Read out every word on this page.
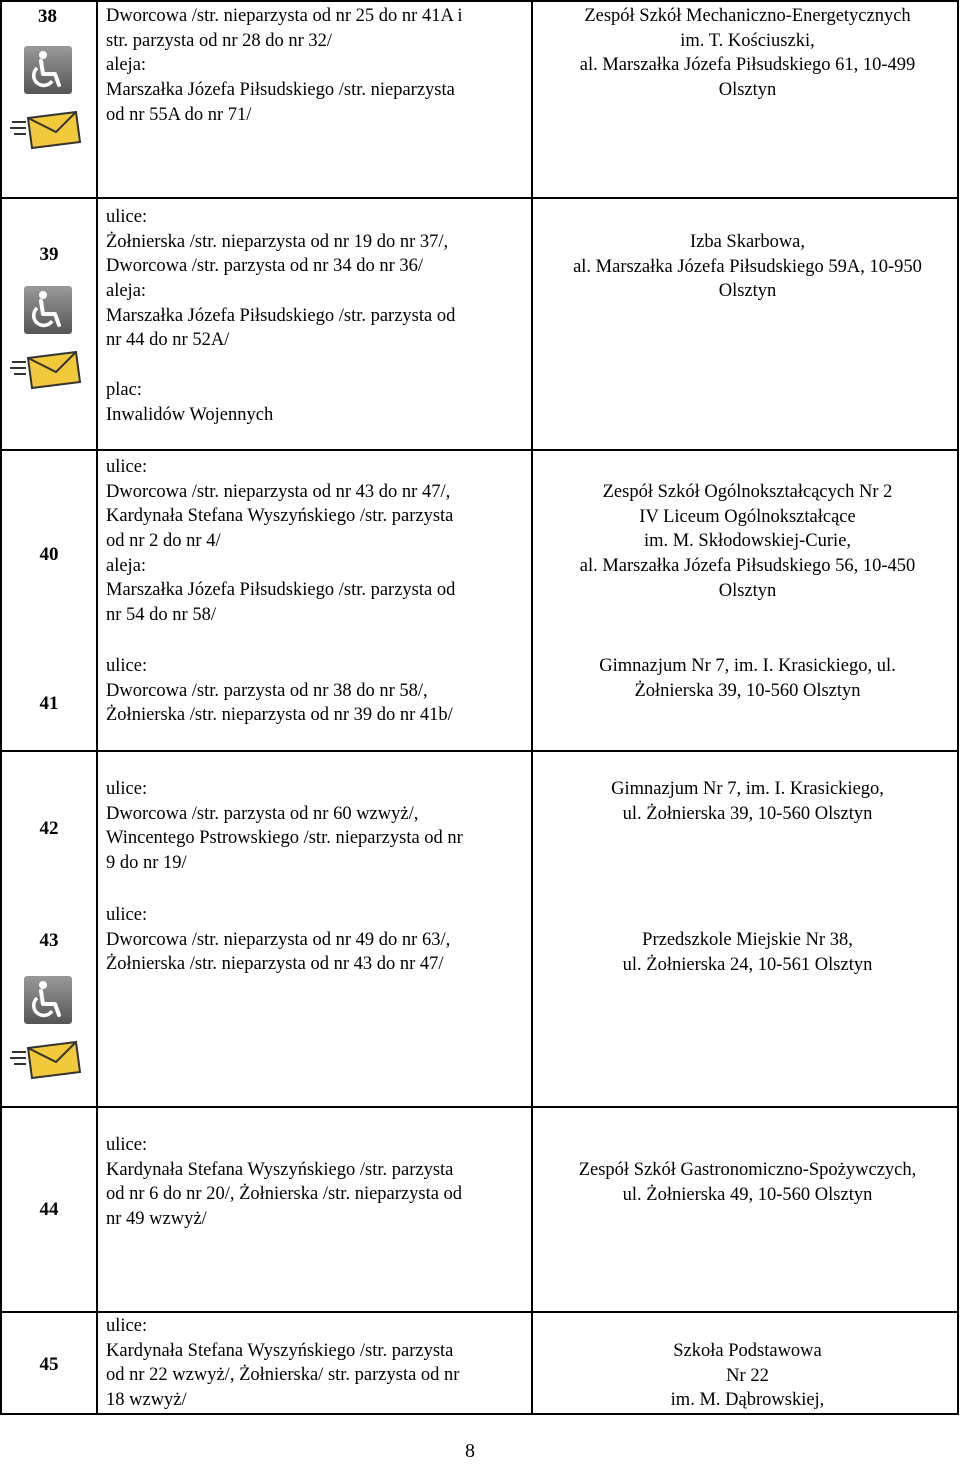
38	Dworcowa /str. nieparzysta od nr 25 do nr 41A i
str. parzysta od nr 28 do nr 32/
aleja:
Marszałka Józefa Piłsudskiego /str. nieparzysta
od nr 55A do nr 71/
Zespół Szkół Mechaniczno-Energetycznych
im. T. Kościuszki,
al. Marszałka Józefa Piłsudskiego 61, 10-499
Olsztyn
39
ulice:
Żołnierska /str. nieparzysta od nr 19 do nr 37/,
Dworcowa /str. parzysta od nr 34 do nr 36/
aleja:
Marszałka Józefa Piłsudskiego /str. parzysta od
nr 44 do nr 52A/
plac:
Inwalidów Wojennych
Izba Skarbowa,
al. Marszałka Józefa Piłsudskiego 59A, 10-950
Olsztyn
40
ulice:
Dworcowa /str. nieparzysta od nr 43 do nr 47/,
Kardynała Stefana Wyszyńskiego /str. parzysta
od nr 2 do nr 4/
aleja:
Marszałka Józefa Piłsudskiego /str. parzysta od
nr 54 do nr 58/
Zespół Szkół Ogólnokształcących Nr 2
IV Liceum Ogólnokształcące
im. M. Skłodowskiej-Curie,
al. Marszałka Józefa Piłsudskiego 56, 10-450
Olsztyn
41
ulice:
Dworcowa /str. parzysta od nr 38 do nr 58/,
Żołnierska /str. nieparzysta od nr 39 do nr 41b/
Gimnazjum Nr 7, im. I. Krasickiego, ul.
Żołnierska 39, 10-560 Olsztyn
42
ulice:
Dworcowa /str. parzysta od nr 60 wzwyż/,
Wincentego Pstrowskiego /str. nieparzysta od nr
9 do nr 19/
Gimnazjum Nr 7, im. I. Krasickiego,
ul. Żołnierska 39, 10-560 Olsztyn
43
ulice:
Dworcowa /str. nieparzysta od nr 49 do nr 63/,
Żołnierska /str. nieparzysta od nr 43 do nr 47/
Przedszkole Miejskie Nr 38,
ul. Żołnierska 24, 10-561 Olsztyn
44
ulice:
Kardynała Stefana Wyszyńskiego /str. parzysta
od nr 6 do nr 20/, Żołnierska /str. nieparzysta od
nr 49 wzwyż/
Zespół Szkół Gastronomiczno-Spożywczych,
ul. Żołnierska 49, 10-560 Olsztyn
45
ulice:
Kardynała Stefana Wyszyńskiego /str. parzysta
od nr 22 wzwyż/, Żołnierska/ str. parzysta od nr
18 wzwyż/
Szkoła Podstawowa
Nr 22
im. M. Dąbrowskiej,
8
